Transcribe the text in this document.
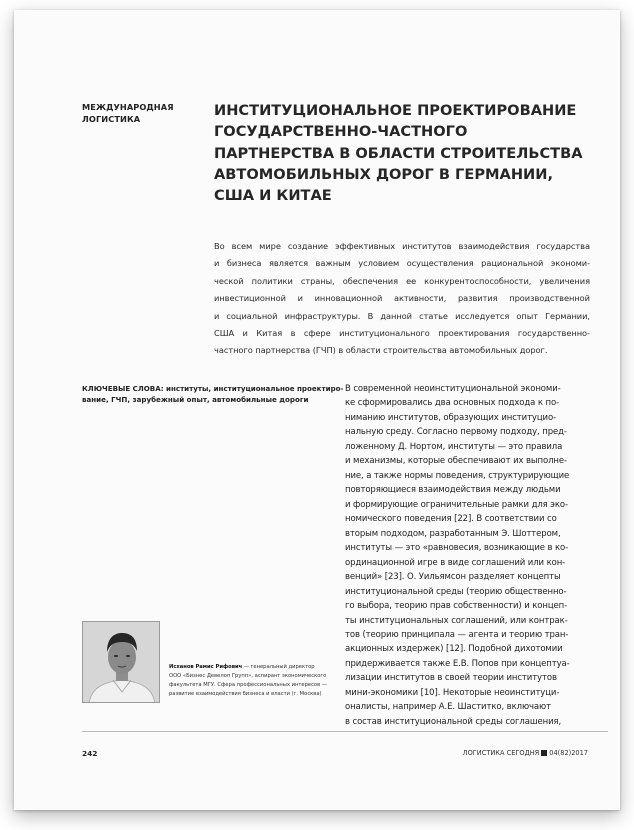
МЕЖДУНАРОДНАЯ
ЛОГИСТИКА	ИНСТИТУЦИОНАЛЬНОЕ ПРОЕКТИРОВАНИЕ
ГОСУДАРСТВЕННО-ЧАСТНОГО
ПАРТНЕРСТВА В ОБЛАСТИ СТРОИТЕЛЬСТВА
АВТОМОБИЛЬНЫХ ДОРОГ В ГЕРМАНИИ,
США И КИТАЕ
Во всем мире создание эффективных институтов взаимодействия государства
и бизнеса является важным условием осуществления рациональной экономи-
ческой политики страны, обеспечения ее конкурентоспособности, увеличения
инвестиционной и инновационной активности, развития производственной
и социальной инфраструктуры. В данной статье исследуется опыт Германии,
США и Китая в сфере институционального проектирования государственно-
частного партнерства (ГЧП) в области строительства автомобильных дорог.
КЛЮЧЕВЫЕ СЛОВА: институты, институциональное проектиро-
вание, ГЧП, зарубежный опыт, автомобильные дороги
В современной неоинституциональной экономи-
ке сформировались два основных подхода к по-
ниманию институтов, образующих институцио-
нальную среду. Согласно первому подходу, пред-
ложенному Д. Нортом, институты — это правила
и механизмы, которые обеспечивают их выполне-
ние, а также нормы поведения, структурирующие
повторяющиеся взаимодействия между людьми
и формирующие ограничительные рамки для эко-
номического поведения [22]. В соответствии со
вторым подходом, разработанным Э. Шоттером,
институты — это «равновесия, возникающие в ко-
ординационной игре в виде соглашений или кон-
венций» [23]. О. Уильямсон разделяет концепты
институциональной среды (теорию общественно-
го выбора, теорию прав собственности) и концеп-
ты институциональных соглашений, или контрак-
тов (теорию принципала — агента и теорию тран-
акционных издержек) [12]. Подобной дихотомии
придерживается также Е.В. Попов при концептуа-
лизации институтов в своей теории институтов
мини-экономики [10]. Некоторые неоинституци-
оналисты, например А.Е. Шаститко, включают
в состав институциональной среды соглашения,
Исханов Рамис Рифович — генеральный директор
ООО «Бизнес Девелоп Групп», аспирант экономического
факультета МГУ. Сфера профессиональных интересов —
развитие взаимодействия бизнеса и власти (г. Москва)
242	ЛОГИСТИКА СЕГОДНЯ 04(82)2017
